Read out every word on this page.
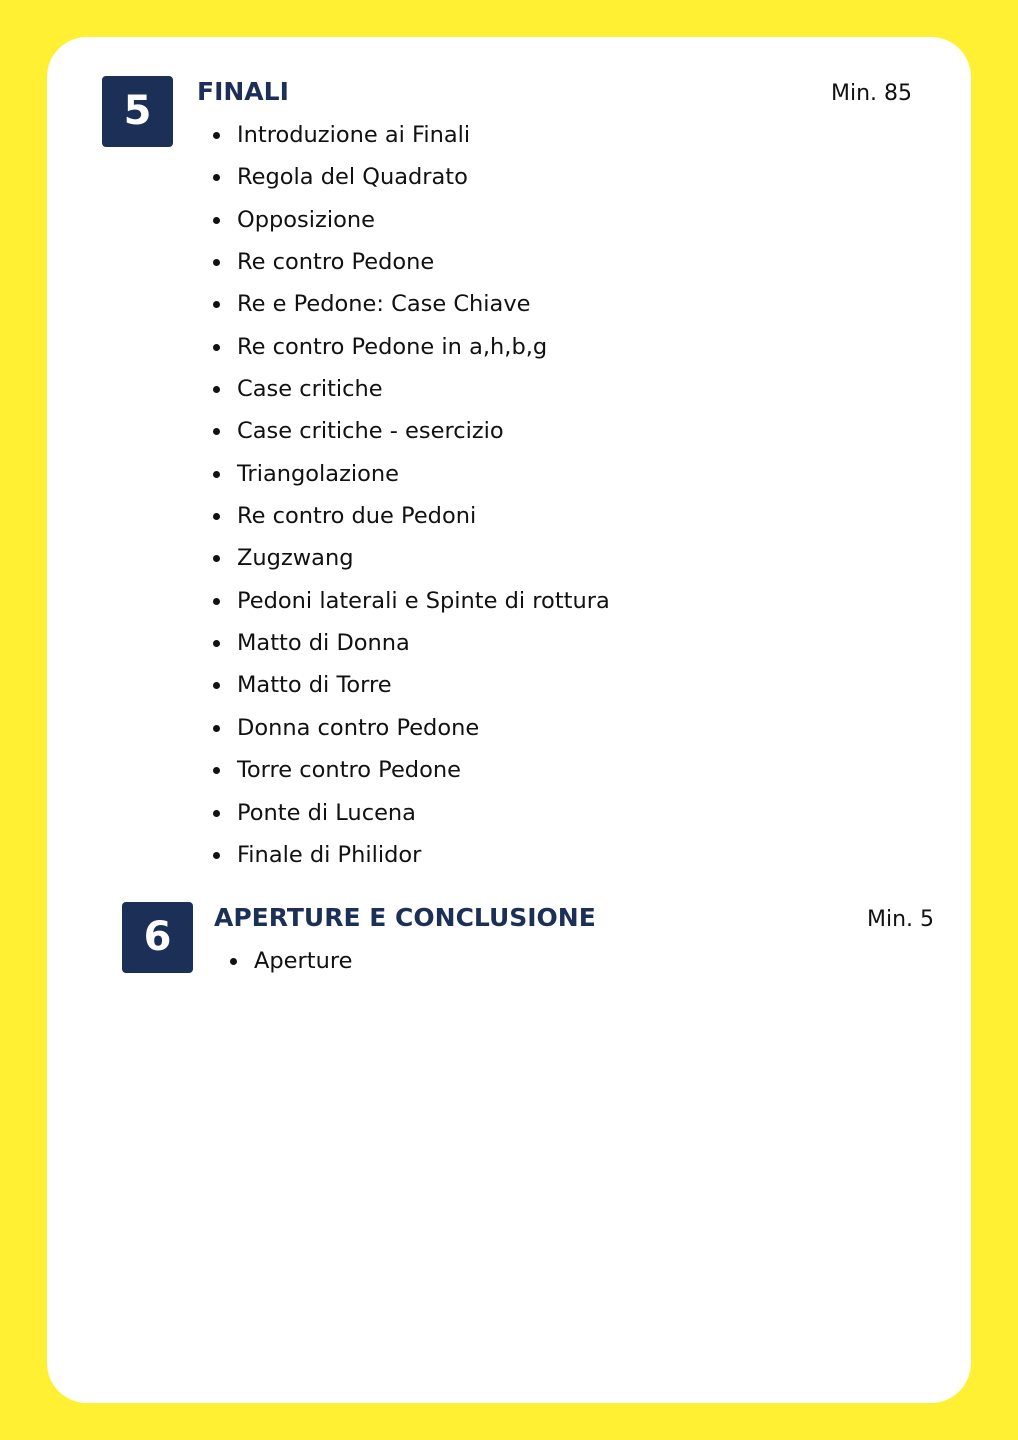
5	FINALI	Min. 85
Introduzione ai Finali
Regola del Quadrato
Opposizione
Re contro Pedone
Re e Pedone: Case Chiave
Re contro Pedone in a,h,b,g
Case critiche
Case critiche - esercizio
Triangolazione
Re contro due Pedoni
Zugzwang
Pedoni laterali e Spinte di rottura
Matto di Donna
Matto di Torre
Donna contro Pedone
Torre contro Pedone
Ponte di Lucena
Finale di Philidor
6	APERTURE E CONCLUSIONE	Min. 5
Aperture
